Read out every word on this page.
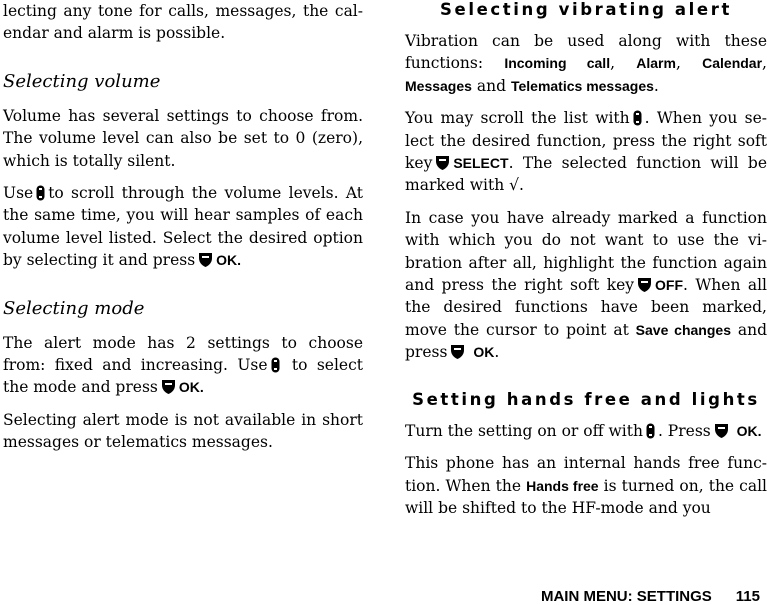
lecting any tone for calls, messages, the cal- endar and alarm is possible.

Selecting volume

Volume has several settings to choose from. The volume level can also be set to 0 (zero), which is totally silent.

Use to scroll through the volume levels. At the same time, you will hear samples of each volume level listed. Select the desired option by selecting it and press OK.

Selecting mode

The alert mode has 2 settings to choose from: fixed and increasing. Use to select the mode and press OK.

Selecting alert mode is not available in short messages or telematics messages.

Selecting vibrating alert

Vibration can be used along with these functions: Incoming call, Alarm, Calendar, Messages and Telematics messages.

You may scroll the list with . When you se- lect the desired function, press the right soft key SELECT. The selected function will be marked with √.

In case you have already marked a function with which you do not want to use the vi- bration after all, highlight the function again and press the right soft key OFF. When all the desired functions have been marked, move the cursor to point at Save changes and press OK.

Setting hands free and lights

Turn the setting on or off with . Press OK.

This phone has an internal hands free func- tion. When the Hands free is turned on, the call will be shifted to the HF-mode and you

MAIN MENU: SETTINGS 115
